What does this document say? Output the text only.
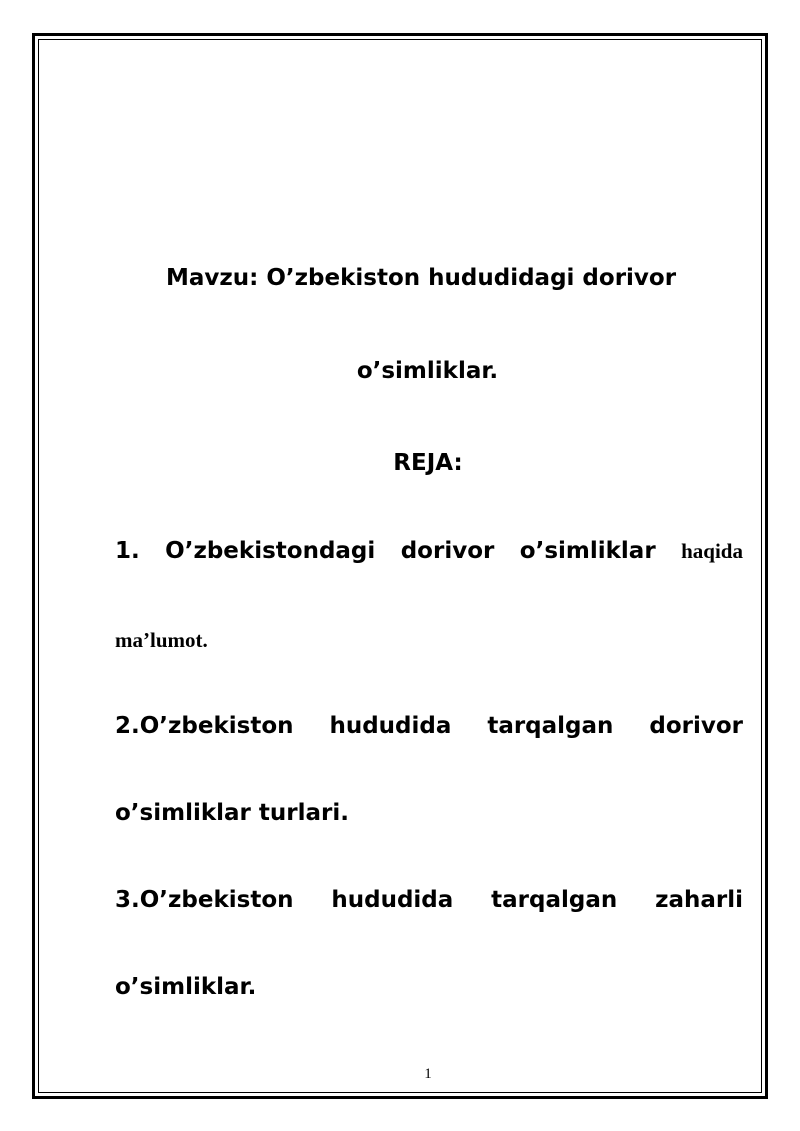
Mavzu: O’zbekiston hududidagi dorivor
o’simliklar.
REJA:
1. O’zbekistondagi dorivor o’simliklar haqida
ma’lumot.
2.O’zbekiston hududida tarqalgan dorivor
o’simliklar turlari.
3.O’zbekiston hududida tarqalgan zaharli
o’simliklar.
1
